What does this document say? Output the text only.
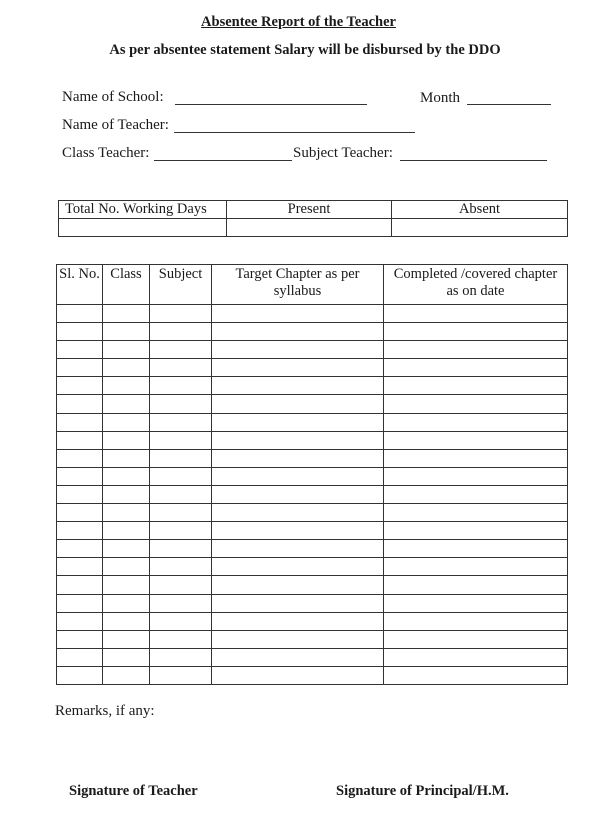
Absentee Report of the Teacher
As per absentee statement Salary will be disbursed by the DDO
Name of School:	Month
Name of Teacher:
Class Teacher:	Subject Teacher:
Total No. Working Days	Present	Absent

Sl. No.	Class	Subject	Target Chapter as per syllabus	Completed /covered chapter as on date

Remarks, if any:
Signature of Teacher	Signature of Principal/H.M.
